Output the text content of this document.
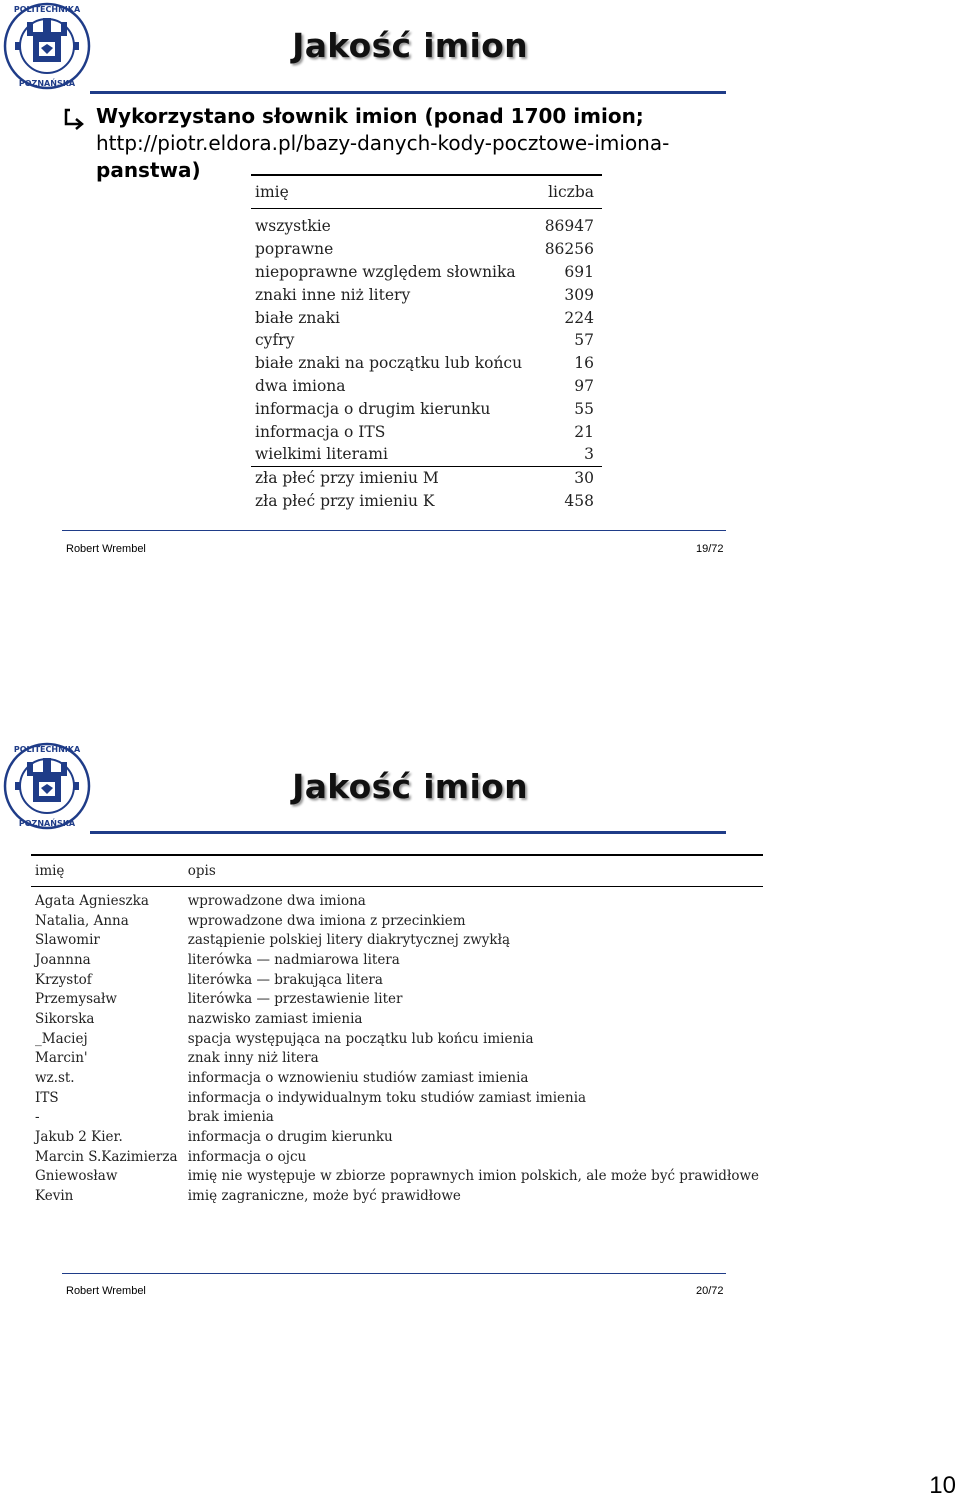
POLITECHNIKA
POZNAŃSKA
Jakość imion
Wykorzystano słownik imion (ponad 1700 imion;
http://piotr.eldora.pl/bazy-danych-kody-pocztowe-imiona-
panstwa)
imię	liczba
wszystkie	86947
poprawne	86256
niepoprawne względem słownika	691
znaki inne niż litery	309
białe znaki	224
cyfry	57
białe znaki na początku lub końcu	16
dwa imiona	97
informacja o drugim kierunku	55
informacja o ITS	21
wielkimi literami	3
zła płeć przy imieniu M	30
zła płeć przy imieniu K	458
Robert Wrembel	19/72
POLITECHNIKA
POZNAŃSKA
Jakość imion
imię	opis
Agata Agnieszka	wprowadzone dwa imiona
Natalia, Anna	wprowadzone dwa imiona z przecinkiem
Slawomir	zastąpienie polskiej litery diakrytycznej zwykłą
Joannna	literówka — nadmiarowa litera
Krzystof	literówka — brakująca litera
Przemysałw	literówka — przestawienie liter
Sikorska	nazwisko zamiast imienia
_Maciej	spacja występująca na początku lub końcu imienia
Marcin'	znak inny niż litera
wz.st.	informacja o wznowieniu studiów zamiast imienia
ITS	informacja o indywidualnym toku studiów zamiast imienia
-	brak imienia
Jakub 2 Kier.	informacja o drugim kierunku
Marcin S.Kazimierza	informacja o ojcu
Gniewosław	imię nie występuje w zbiorze poprawnych imion polskich, ale może być prawidłowe
Kevin	imię zagraniczne, może być prawidłowe
Robert Wrembel	20/72
10
